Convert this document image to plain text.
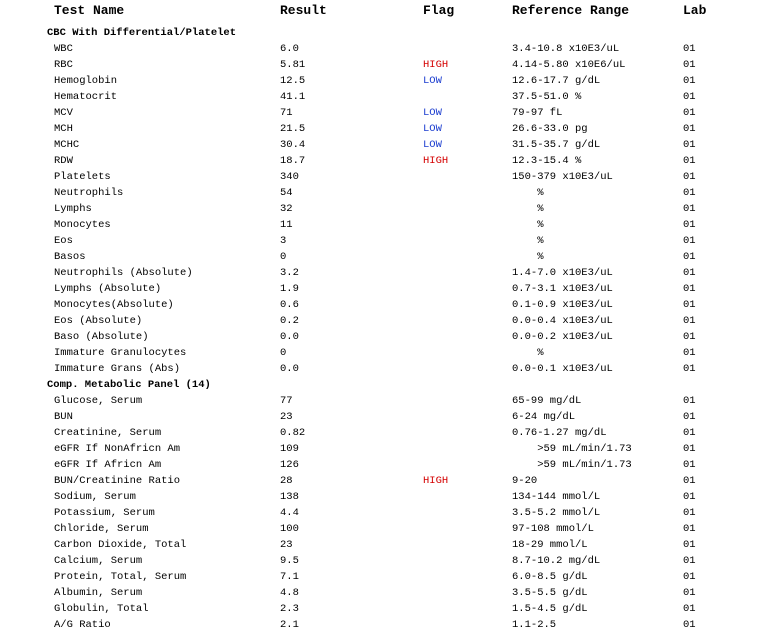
Test Name	Result	Flag	Reference Range	Lab
CBC With Differential/Platelet
WBC	6.0	3.4-10.8 x10E3/uL	01
RBC	5.81	HIGH	4.14-5.80 x10E6/uL	01
Hemoglobin	12.5	LOW	12.6-17.7 g/dL	01
Hematocrit	41.1	37.5-51.0 %	01
MCV	71	LOW	79-97 fL	01
MCH	21.5	LOW	26.6-33.0 pg	01
MCHC	30.4	LOW	31.5-35.7 g/dL	01
RDW	18.7	HIGH	12.3-15.4 %	01
Platelets	340	150-379 x10E3/uL	01
Neutrophils	54	%	01
Lymphs	32	%	01
Monocytes	11	%	01
Eos	3	%	01
Basos	0	%	01
Neutrophils (Absolute)	3.2	1.4-7.0 x10E3/uL	01
Lymphs (Absolute)	1.9	0.7-3.1 x10E3/uL	01
Monocytes(Absolute)	0.6	0.1-0.9 x10E3/uL	01
Eos (Absolute)	0.2	0.0-0.4 x10E3/uL	01
Baso (Absolute)	0.0	0.0-0.2 x10E3/uL	01
Immature Granulocytes	0	%	01
Immature Grans (Abs)	0.0	0.0-0.1 x10E3/uL	01
Comp. Metabolic Panel (14)
Glucose, Serum	77	65-99 mg/dL	01
BUN	23	6-24 mg/dL	01
Creatinine, Serum	0.82	0.76-1.27 mg/dL	01
eGFR If NonAfricn Am	109	>59 mL/min/1.73	01
eGFR If Africn Am	126	>59 mL/min/1.73	01
BUN/Creatinine Ratio	28	HIGH	9-20	01
Sodium, Serum	138	134-144 mmol/L	01
Potassium, Serum	4.4	3.5-5.2 mmol/L	01
Chloride, Serum	100	97-108 mmol/L	01
Carbon Dioxide, Total	23	18-29 mmol/L	01
Calcium, Serum	9.5	8.7-10.2 mg/dL	01
Protein, Total, Serum	7.1	6.0-8.5 g/dL	01
Albumin, Serum	4.8	3.5-5.5 g/dL	01
Globulin, Total	2.3	1.5-4.5 g/dL	01
A/G Ratio	2.1	1.1-2.5	01
